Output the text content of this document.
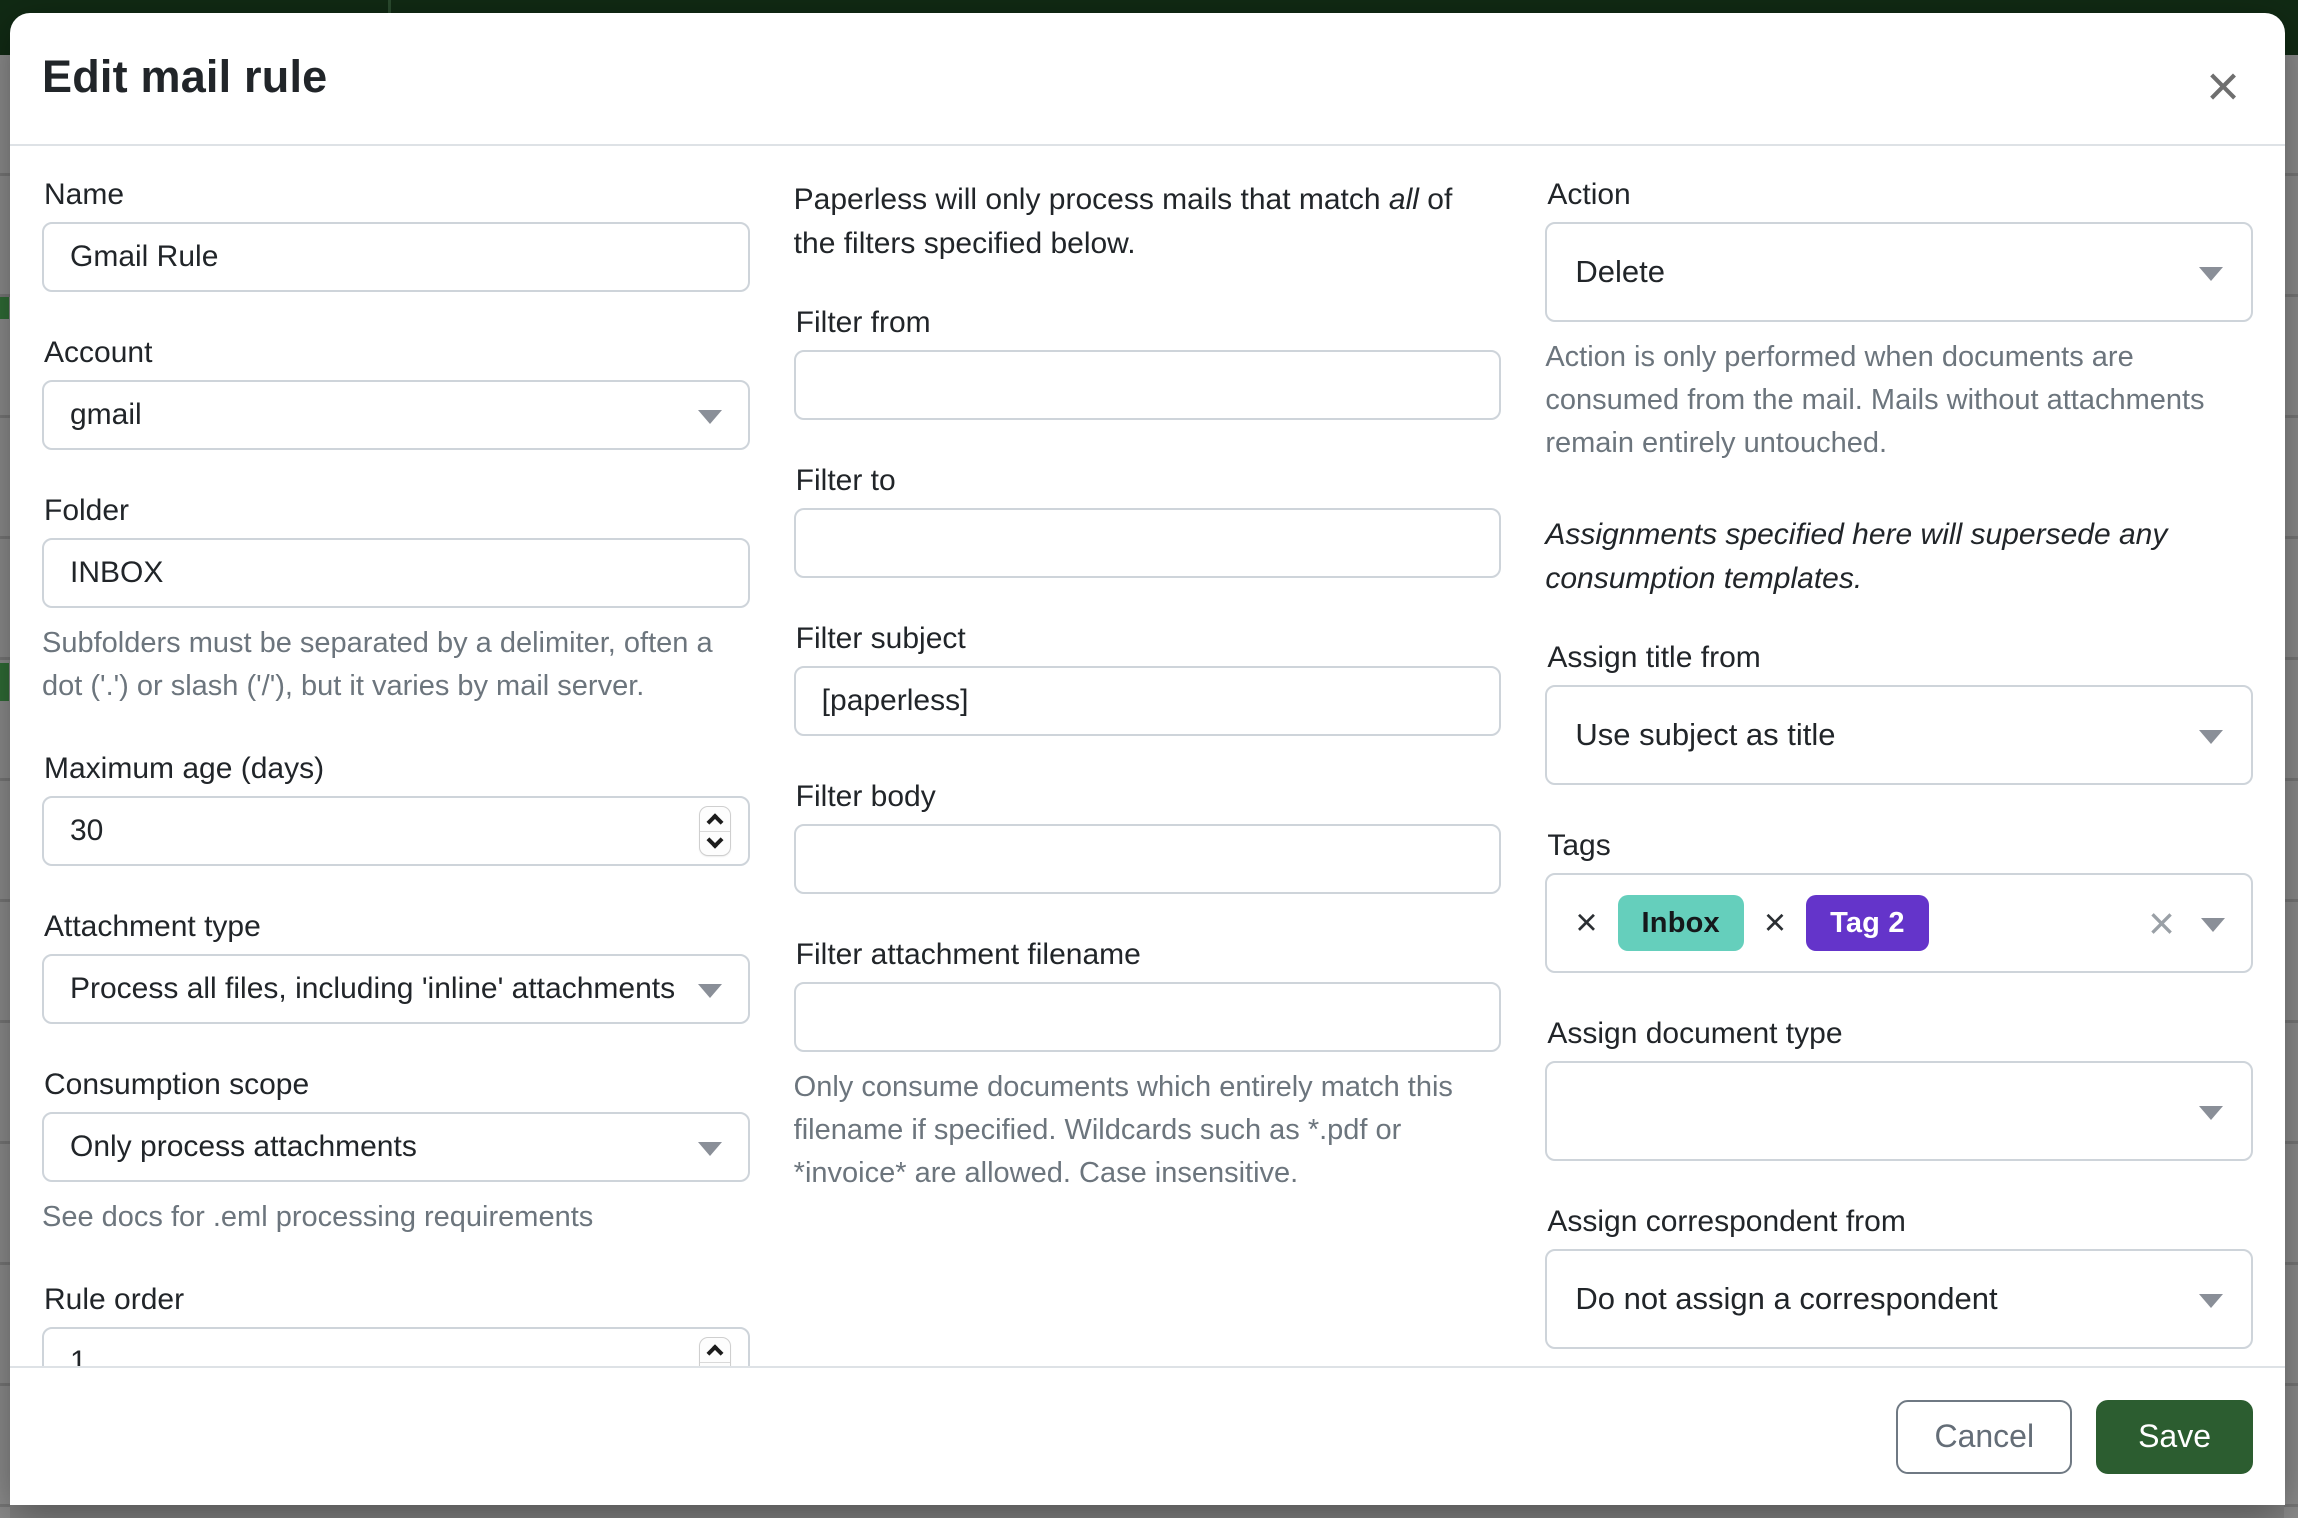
Edit mail rule	×
Name
Gmail Rule
Account
gmail
Folder
INBOX
Subfolders must be separated by a delimiter, often a dot ('.') or slash ('/'), but it varies by mail server.
Maximum age (days)
30
Attachment type
Process all files, including 'inline' attachments
Consumption scope
Only process attachments
See docs for .eml processing requirements
Rule order
1
Paperless will only process mails that match all of the filters specified below.
Filter from
Filter to
Filter subject
[paperless]
Filter body
Filter attachment filename
Only consume documents which entirely match this filename if specified. Wildcards such as *.pdf or *invoice* are allowed. Case insensitive.
Action
Delete
Action is only performed when documents are consumed from the mail. Mails without attachments remain entirely untouched.
Assignments specified here will supersede any consumption templates.
Assign title from
Use subject as title
Tags
×	Inbox	×	Tag 2	×
Assign document type
Assign correspondent from
Do not assign a correspondent
Cancel	Save
